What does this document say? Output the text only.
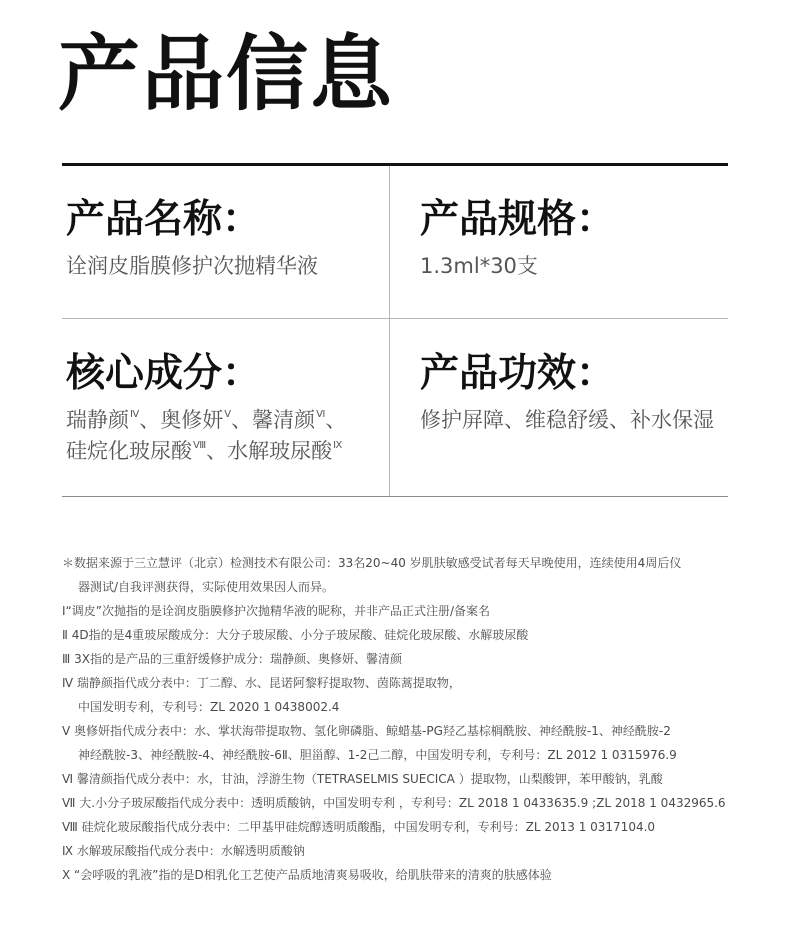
产品信息
产品名称：
诠润皮脂膜修护次抛精华液
产品规格：
1.3ml*30支
核心成分：
瑞静颜$^Ⅳ$、奥修妍$^Ⅴ$、馨清颜$^Ⅵ$、
硅烷化玻尿酸$^Ⅷ$、水解玻尿酸$^Ⅸ$
产品功效：
修护屏障、维稳舒缓、补水保湿
＊数据来源于三立慧评（北京）检测技术有限公司：33名20~40 岁肌肤敏感受试者每天早晚使用，连续使用4周后仪
器测试/自我评测获得，实际使用效果因人而异。
Ⅰ“调皮”次抛指的是诠润皮脂膜修护次抛精华液的昵称，并非产品正式注册/备案名
Ⅱ 4D指的是4重玻尿酸成分：大分子玻尿酸、小分子玻尿酸、硅烷化玻尿酸、水解玻尿酸
Ⅲ 3X指的是产品的三重舒缓修护成分：瑞静颜、奥修妍、馨清颜
Ⅳ 瑞静颜指代成分表中：丁二醇、水、昆诺阿黎籽提取物、茵陈蒿提取物，
中国发明专利，专利号：ZL 2020 1 0438002.4
Ⅴ 奥修妍指代成分表中：水、掌状海带提取物、氢化卵磷脂、鲸蜡基-PG羟乙基棕榈酰胺、神经酰胺-1、神经酰胺-2
神经酰胺-3、神经酰胺-4、神经酰胺-6Ⅱ、胆甾醇、1-2己二醇，中国发明专利，专利号：ZL 2012 1 0315976.9
Ⅵ 馨清颜指代成分表中：水，甘油，浮游生物（TETRASELMIS SUECICA ）提取物，山梨酸钾，苯甲酸钠，乳酸
Ⅶ 大.小分子玻尿酸指代成分表中：透明质酸钠，中国发明专利 ，专利号：ZL 2018 1 0433635.9 ;ZL 2018 1 0432965.6
Ⅷ 硅烷化玻尿酸指代成分表中：二甲基甲硅烷醇透明质酸酯，中国发明专利，专利号：ZL 2013 1 0317104.0
Ⅸ 水解玻尿酸指代成分表中：水解透明质酸钠
Ⅹ “会呼吸的乳液”指的是D相乳化工艺使产品质地清爽易吸收，给肌肤带来的清爽的肤感体验
